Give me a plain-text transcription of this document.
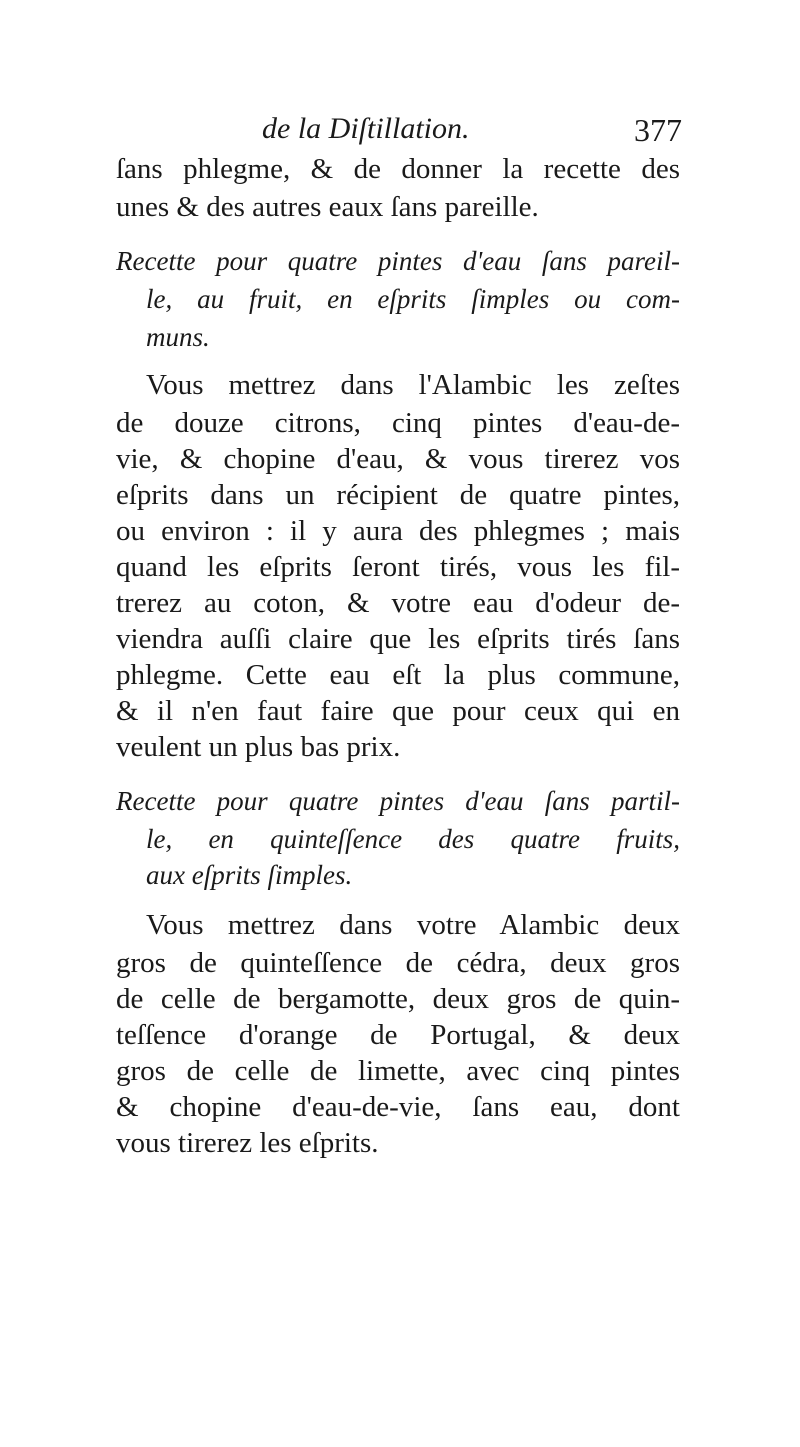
de la Diſtillation.	377
ſans phlegme, & de donner la recette des
unes & des autres eaux ſans pareille.
Recette pour quatre pintes d'eau ſans pareil-
le, au fruit, en eſprits ſimples ou com-
muns.
Vous mettrez dans l'Alambic les zeſtes
de douze citrons, cinq pintes d'eau-de-
vie, & chopine d'eau, & vous tirerez vos
eſprits dans un récipient de quatre pintes,
ou environ : il y aura des phlegmes ; mais
quand les eſprits ſeront tirés, vous les fil-
trerez au coton, & votre eau d'odeur de-
viendra auſſi claire que les eſprits tirés ſans
phlegme. Cette eau eſt la plus commune,
& il n'en faut faire que pour ceux qui en
veulent un plus bas prix.
Recette pour quatre pintes d'eau ſans partil-
le, en quinteſſence des quatre fruits,
aux eſprits ſimples.
Vous mettrez dans votre Alambic deux
gros de quinteſſence de cédra, deux gros
de celle de bergamotte, deux gros de quin-
teſſence d'orange de Portugal, & deux
gros de celle de limette, avec cinq pintes
& chopine d'eau-de-vie, ſans eau, dont
vous tirerez les eſprits.
